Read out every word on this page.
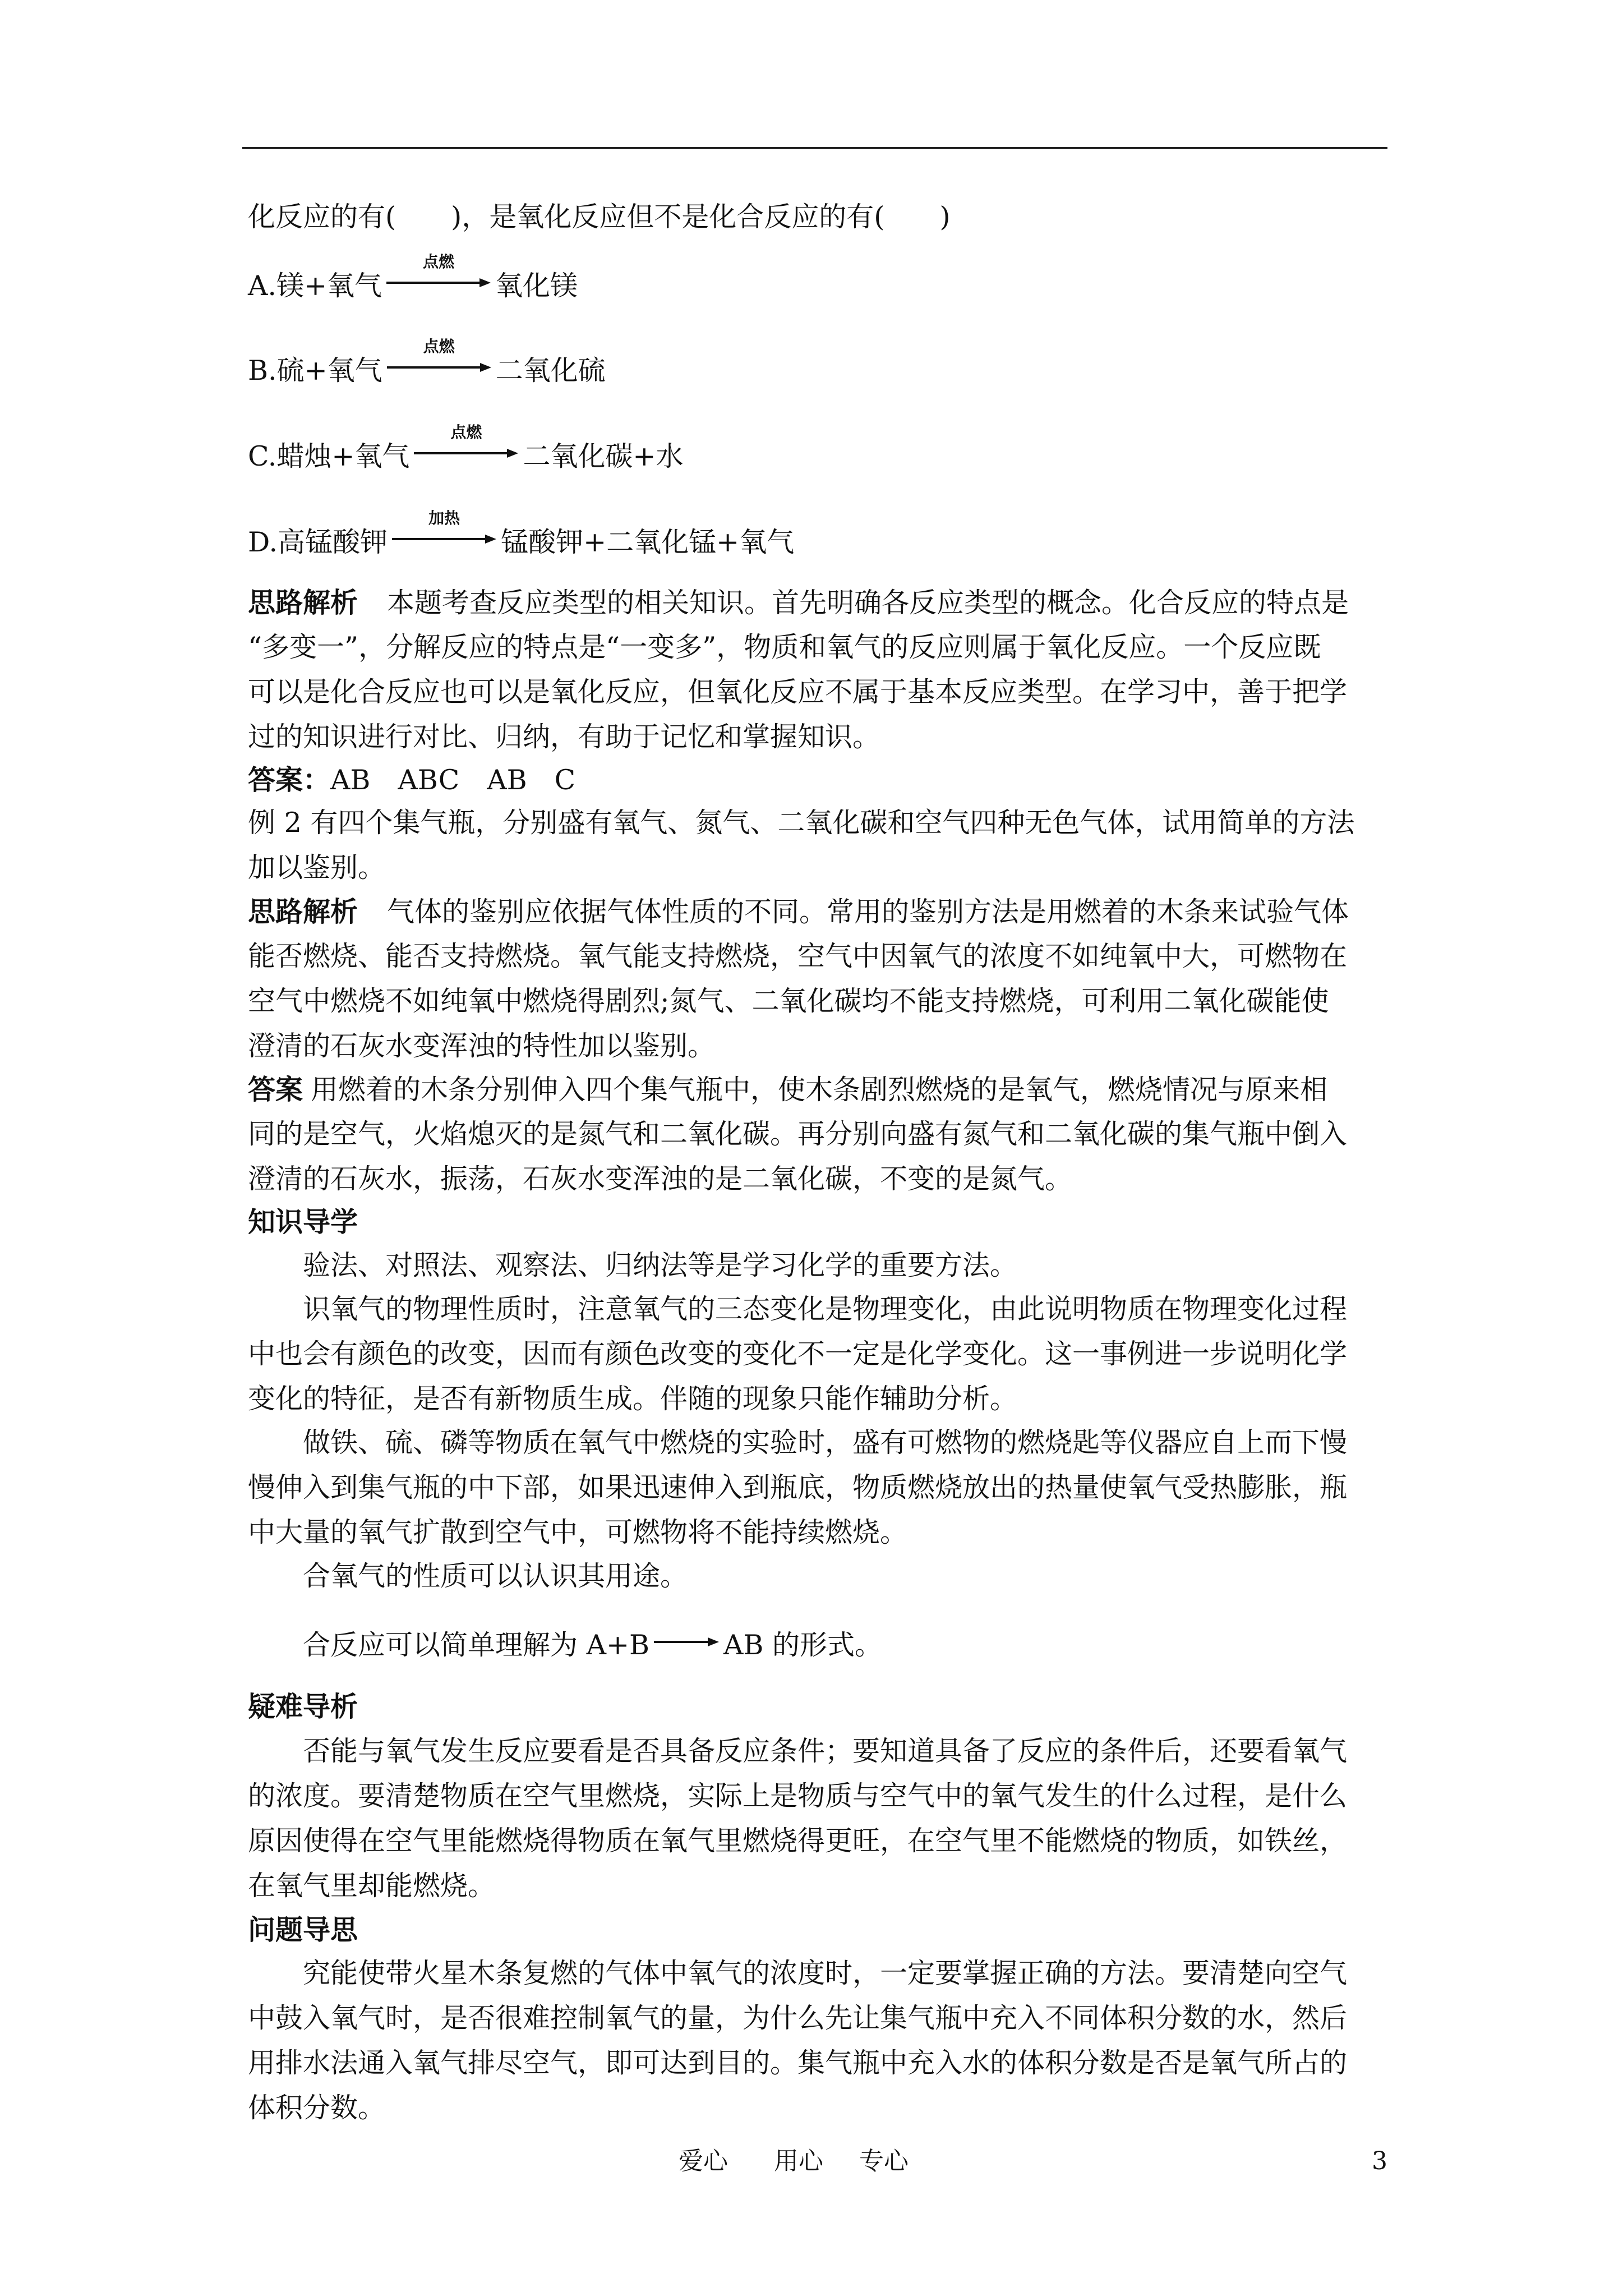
化反应的有(　　)，是氧化反应但不是化合反应的有(　　)
A.镁+氧气
点燃
氧化镁
B.硫+氧气
点燃
二氧化硫
C.蜡烛+氧气
点燃
二氧化碳+水
D.高锰酸钾
加热
锰酸钾+二氧化锰+氧气
思路解析 本题考查反应类型的相关知识。首先明确各反应类型的概念。化合反应的特点是
“多变一”，分解反应的特点是“一变多”，物质和氧气的反应则属于氧化反应。一个反应既
可以是化合反应也可以是氧化反应，但氧化反应不属于基本反应类型。在学习中，善于把学
过的知识进行对比、归纳，有助于记忆和掌握知识。
答案：AB　ABC　AB　C
例 2 有四个集气瓶，分别盛有氧气、氮气、二氧化碳和空气四种无色气体，试用简单的方法
加以鉴别。
思路解析 气体的鉴别应依据气体性质的不同。常用的鉴别方法是用燃着的木条来试验气体
能否燃烧、能否支持燃烧。氧气能支持燃烧，空气中因氧气的浓度不如纯氧中大，可燃物在
空气中燃烧不如纯氧中燃烧得剧烈;氮气、二氧化碳均不能支持燃烧，可利用二氧化碳能使
澄清的石灰水变浑浊的特性加以鉴别。
答案 用燃着的木条分别伸入四个集气瓶中，使木条剧烈燃烧的是氧气，燃烧情况与原来相
同的是空气，火焰熄灭的是氮气和二氧化碳。再分别向盛有氮气和二氧化碳的集气瓶中倒入
澄清的石灰水，振荡，石灰水变浑浊的是二氧化碳，不变的是氮气。
知识导学
验法、对照法、观察法、归纳法等是学习化学的重要方法。
识氧气的物理性质时，注意氧气的三态变化是物理变化，由此说明物质在物理变化过程
中也会有颜色的改变，因而有颜色改变的变化不一定是化学变化。这一事例进一步说明化学
变化的特征，是否有新物质生成。伴随的现象只能作辅助分析。
做铁、硫、磷等物质在氧气中燃烧的实验时，盛有可燃物的燃烧匙等仪器应自上而下慢
慢伸入到集气瓶的中下部，如果迅速伸入到瓶底，物质燃烧放出的热量使氧气受热膨胀，瓶
中大量的氧气扩散到空气中，可燃物将不能持续燃烧。
合氧气的性质可以认识其用途。
合反应可以简单理解为 A+B → AB 的形式。
疑难导析
否能与氧气发生反应要看是否具备反应条件；要知道具备了反应的条件后，还要看氧气
的浓度。要清楚物质在空气里燃烧，实际上是物质与空气中的氧气发生的什么过程，是什么
原因使得在空气里能燃烧得物质在氧气里燃烧得更旺，在空气里不能燃烧的物质，如铁丝，
在氧气里却能燃烧。
问题导思
究能使带火星木条复燃的气体中氧气的浓度时，一定要掌握正确的方法。要清楚向空气
中鼓入氧气时，是否很难控制氧气的量，为什么先让集气瓶中充入不同体积分数的水，然后
用排水法通入氧气排尽空气，即可达到目的。集气瓶中充入水的体积分数是否是氧气所占的
体积分数。
爱心 用心 专心	3
